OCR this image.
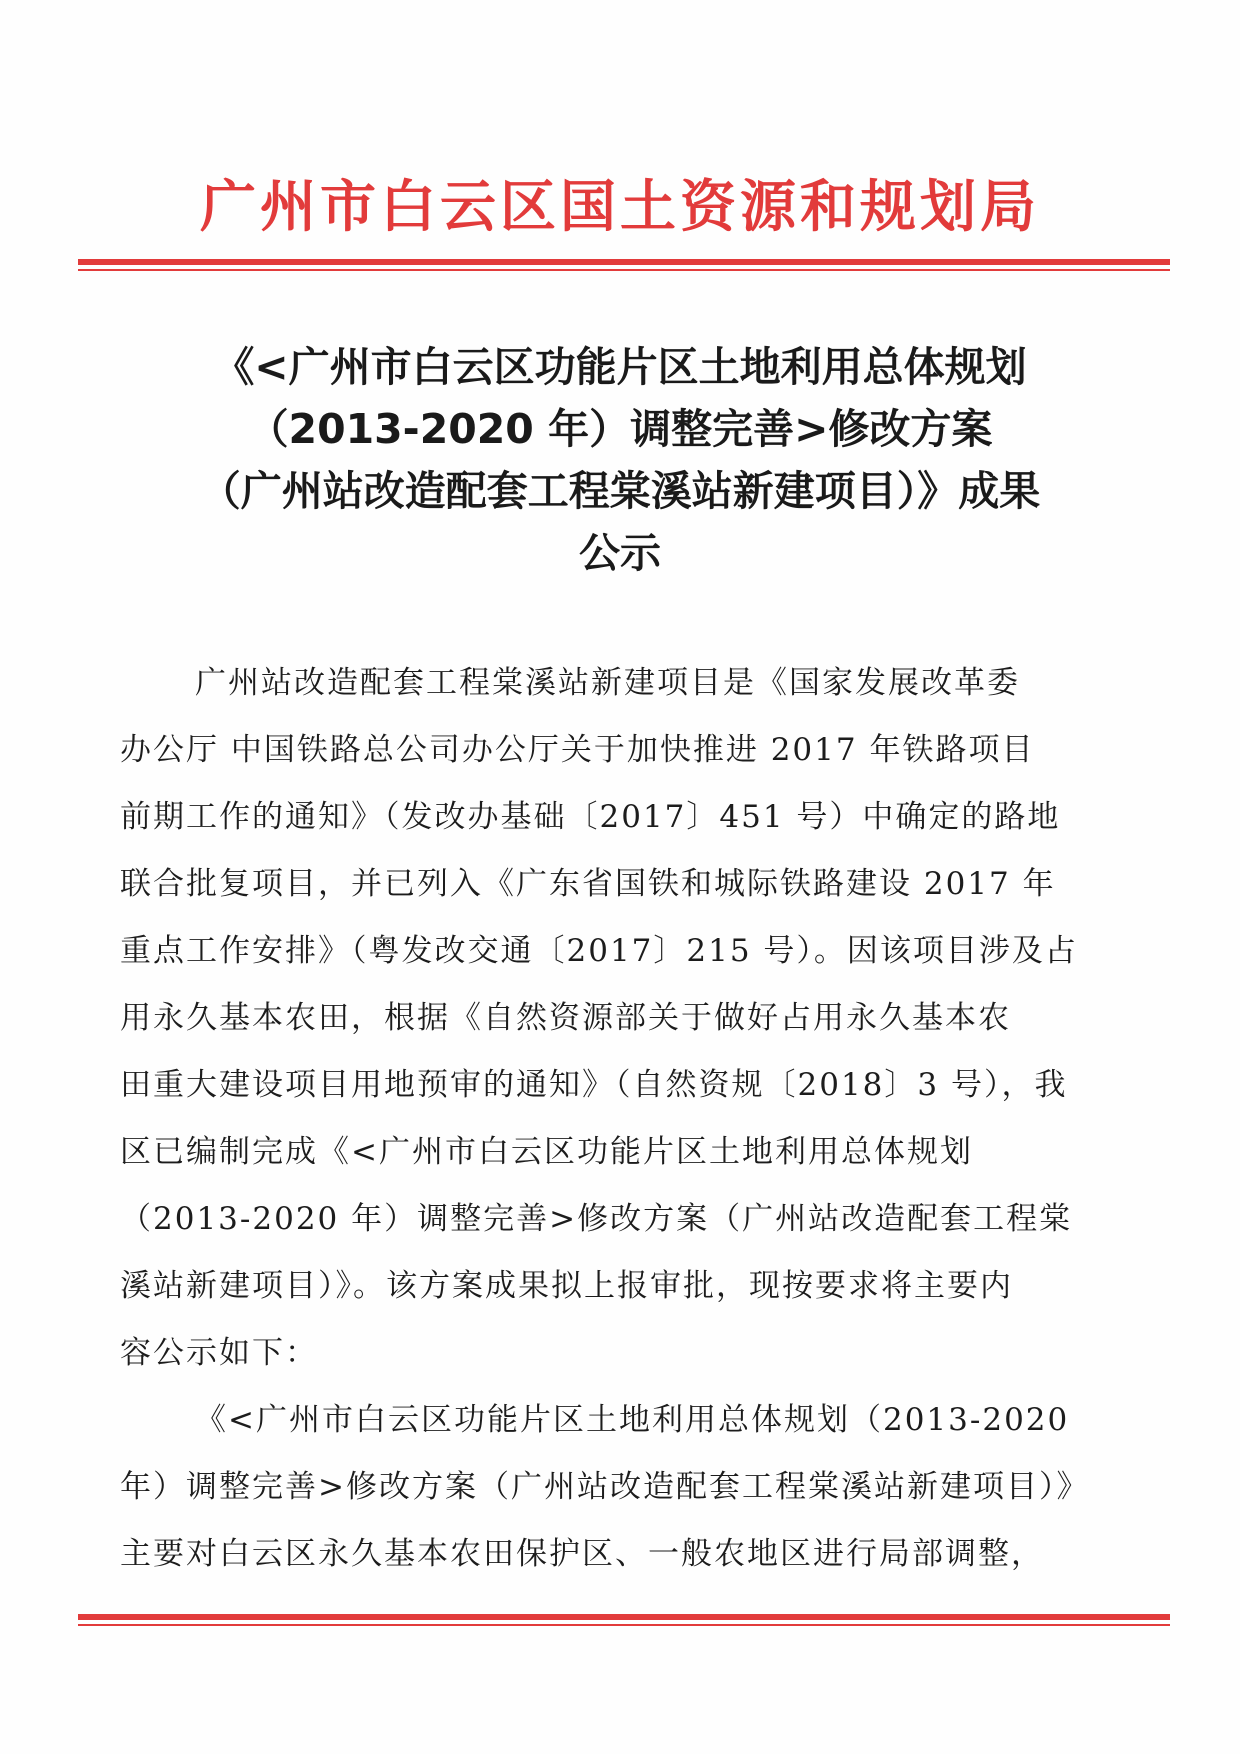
广州市白云区国土资源和规划局
《<广州市白云区功能片区土地利用总体规划
（2013-2020 年）调整完善>修改方案
（广州站改造配套工程棠溪站新建项目）》成果
公示
广州站改造配套工程棠溪站新建项目是《国家发展改革委
办公厅 中国铁路总公司办公厅关于加快推进 2017 年铁路项目
前期工作的通知》（发改办基础〔2017〕451 号）中确定的路地
联合批复项目，并已列入《广东省国铁和城际铁路建设 2017 年
重点工作安排》（粤发改交通〔2017〕215 号）。因该项目涉及占
用永久基本农田，根据《自然资源部关于做好占用永久基本农
田重大建设项目用地预审的通知》（自然资规〔2018〕3 号），我
区已编制完成《<广州市白云区功能片区土地利用总体规划
（2013-2020 年）调整完善>修改方案（广州站改造配套工程棠
溪站新建项目）》。该方案成果拟上报审批，现按要求将主要内
容公示如下：
《<广州市白云区功能片区土地利用总体规划（2013-2020
年）调整完善>修改方案（广州站改造配套工程棠溪站新建项目）》
主要对白云区永久基本农田保护区、一般农地区进行局部调整，
